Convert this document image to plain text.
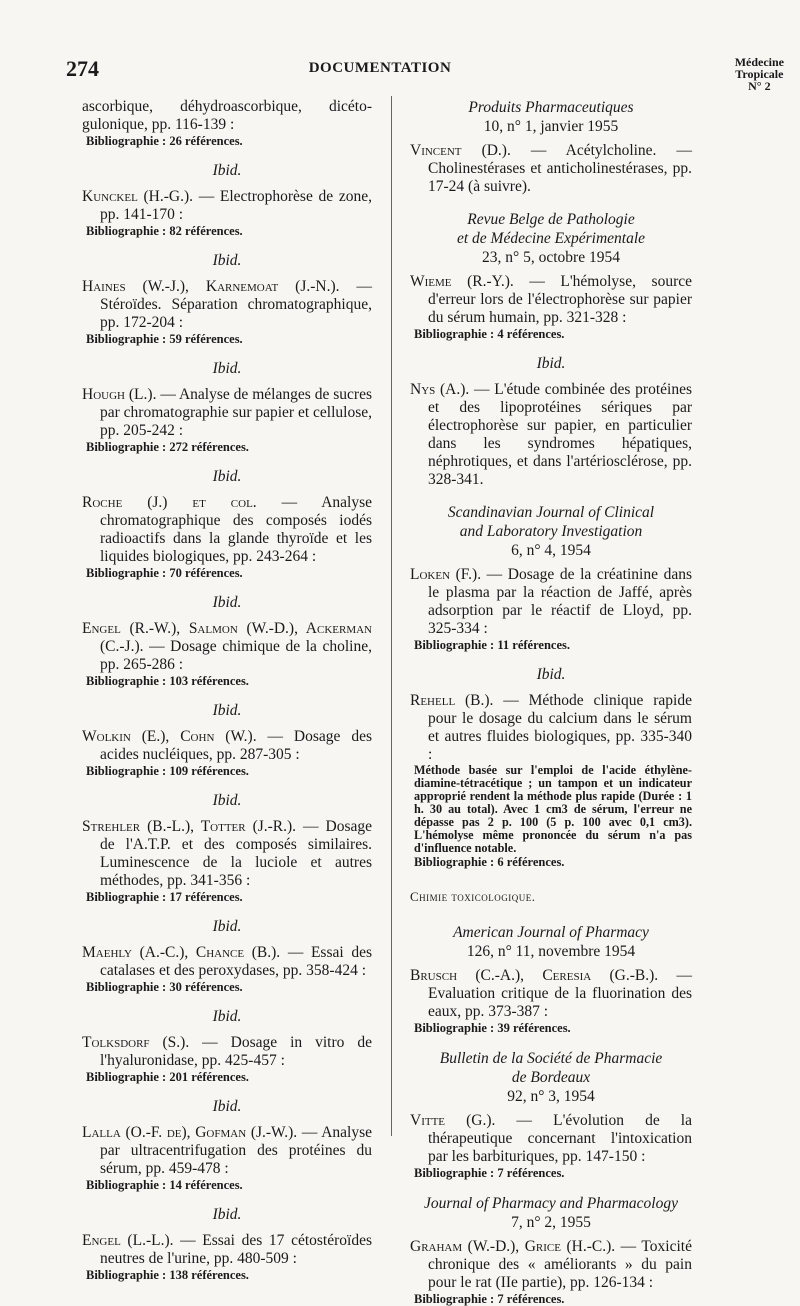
274	DOCUMENTATION	Médecine
Tropicale
N° 2

ascorbique, déhydroascorbique, dicéto-gulonique, pp. 116-139 :

Bibliographie : 26 références.

Ibid.

Kunckel (H.-G.). — Electrophorèse de zone, pp. 141-170 :

Bibliographie : 82 références.

Ibid.

Haines (W.-J.), Karnemoat (J.-N.). — Stéroïdes. Séparation chromatographique, pp. 172-204 :

Bibliographie : 59 références.

Ibid.

Hough (L.). — Analyse de mélanges de sucres par chromatographie sur papier et cellulose, pp. 205-242 :

Bibliographie : 272 références.

Ibid.

Roche (J.) et col. — Analyse chromatographique des composés iodés radioactifs dans la glande thyroïde et les liquides biologiques, pp. 243-264 :

Bibliographie : 70 références.

Ibid.

Engel (R.-W.), Salmon (W.-D.), Ackerman (C.-J.). — Dosage chimique de la choline, pp. 265-286 :

Bibliographie : 103 références.

Ibid.

Wolkin (E.), Cohn (W.). — Dosage des acides nucléiques, pp. 287-305 :

Bibliographie : 109 références.

Ibid.

Strehler (B.-L.), Totter (J.-R.). — Dosage de l'A.T.P. et des composés similaires. Luminescence de la luciole et autres méthodes, pp. 341-356 :

Bibliographie : 17 références.

Ibid.

Maehly (A.-C.), Chance (B.). — Essai des catalases et des peroxydases, pp. 358-424 :

Bibliographie : 30 références.

Ibid.

Tolksdorf (S.). — Dosage in vitro de l'hyaluronidase, pp. 425-457 :

Bibliographie : 201 références.

Ibid.

Lalla (O.-F. de), Gofman (J.-W.). — Analyse par ultracentrifugation des protéines du sérum, pp. 459-478 :

Bibliographie : 14 références.

Ibid.

Engel (L.-L.). — Essai des 17 cétostéroïdes neutres de l'urine, pp. 480-509 :

Bibliographie : 138 références.

Produits Pharmaceutiques

10, n° 1, janvier 1955

Vincent (D.). — Acétylcholine. — Cholinestérases et anticholinestérases, pp. 17-24 (à suivre).

Revue Belge de Pathologie

et de Médecine Expérimentale

23, n° 5, octobre 1954

Wieme (R.-Y.). — L'hémolyse, source d'erreur lors de l'électrophorèse sur papier du sérum humain, pp. 321-328 :

Bibliographie : 4 références.

Ibid.

Nys (A.). — L'étude combinée des protéines et des lipoprotéines sériques par électrophorèse sur papier, en particulier dans les syndromes hépatiques, néphrotiques, et dans l'artériosclérose, pp. 328-341.

Scandinavian Journal of Clinical

and Laboratory Investigation

6, n° 4, 1954

Loken (F.). — Dosage de la créatinine dans le plasma par la réaction de Jaffé, après adsorption par le réactif de Lloyd, pp. 325-334 :

Bibliographie : 11 références.

Ibid.

Rehell (B.). — Méthode clinique rapide pour le dosage du calcium dans le sérum et autres fluides biologiques, pp. 335-340 :

Méthode basée sur l'emploi de l'acide éthylène-diamine-tétracétique ; un tampon et un indicateur approprié rendent la méthode plus rapide (Durée : 1 h. 30 au total). Avec 1 cm3 de sérum, l'erreur ne dépasse pas 2 p. 100 (5 p. 100 avec 0,1 cm3). L'hémolyse même prononcée du sérum n'a pas d'influence notable.

Bibliographie : 6 références.

Chimie toxicologique.

American Journal of Pharmacy

126, n° 11, novembre 1954

Brusch (C.-A.), Ceresia (G.-B.). — Evaluation critique de la fluorination des eaux, pp. 373-387 :

Bibliographie : 39 références.

Bulletin de la Société de Pharmacie

de Bordeaux

92, n° 3, 1954

Vitte (G.). — L'évolution de la thérapeutique concernant l'intoxication par les barbituriques, pp. 147-150 :

Bibliographie : 7 références.

Journal of Pharmacy and Pharmacology

7, n° 2, 1955

Graham (W.-D.), Grice (H.-C.). — Toxicité chronique des « améliorants » du pain pour le rat (IIe partie), pp. 126-134 :

Bibliographie : 7 références.
